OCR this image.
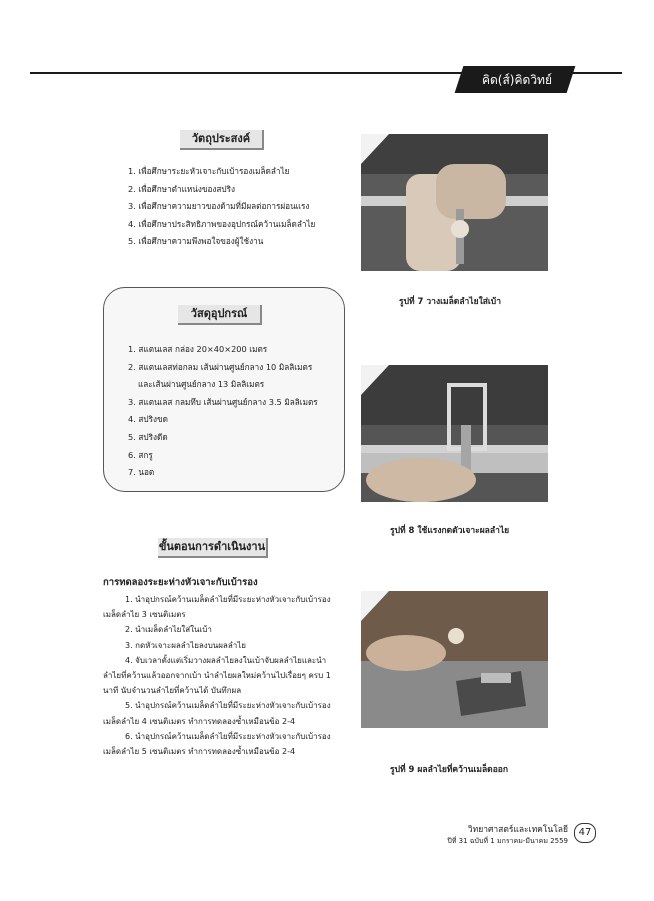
คิด(ส์)คิดวิทย์
วัตถุประสงค์
1. เพื่อศึกษาระยะหัวเจาะกับเบ้ารองเมล็ดลำไย
2. เพื่อศึกษาตำแหน่งของสปริง
3. เพื่อศึกษาความยาวของด้ามที่มีผลต่อการผ่อนแรง
4. เพื่อศึกษาประสิทธิภาพของอุปกรณ์คว้านเมล็ดลำไย
5. เพื่อศึกษาความพึงพอใจของผู้ใช้งาน
วัสดุอุปกรณ์
1. สแตนเลส กล่อง 20×40×200 เมตร
2. สแตนเลสท่อกลม เส้นผ่านศูนย์กลาง 10 มิลลิเมตร
และเส้นผ่านศูนย์กลาง 13 มิลลิเมตร
3. สแตนเลส กลมทึบ เส้นผ่านศูนย์กลาง 3.5 มิลลิเมตร
4. สปริงขด
5. สปริงดีด
6. สกรู
7. นอต
ขั้นตอนการดำเนินงาน
การทดลองระยะห่างหัวเจาะกับเบ้ารอง

1. นำอุปกรณ์คว้านเมล็ดลำไยที่มีระยะห่างหัวเจาะกับเบ้ารองเมล็ดลำไย 3 เซนติเมตร

2. นำเมล็ดลำไยใส่ในเบ้า

3. กดหัวเจาะผลลำไยลงบนผลลำไย

4. จับเวลาตั้งแต่เริ่มวางผลลำไยลงในเบ้าจับผลลำไยและนำลำไยที่คว้านแล้วออกจากเบ้า นำลำไยผลใหม่คว้านไปเรื่อยๆ ครบ 1 นาที นับจำนวนลำไยที่คว้านได้ บันทึกผล

5. นำอุปกรณ์คว้านเมล็ดลำไยที่มีระยะห่างหัวเจาะกับเบ้ารองเมล็ดลำไย 4 เซนติเมตร ทำการทดลองซ้ำเหมือนข้อ 2-4

6. นำอุปกรณ์คว้านเมล็ดลำไยที่มีระยะห่างหัวเจาะกับเบ้ารองเมล็ดลำไย 5 เซนติเมตร ทำการทดลองซ้ำเหมือนข้อ 2-4

รูปที่ 7 วางเมล็ดลำไยใส่เบ้า
รูปที่ 8 ใช้แรงกดตัวเจาะผลลำไย
รูปที่ 9 ผลลำไยที่คว้านเมล็ดออก
วิทยาศาสตร์และเทคโนโลยี
ปีที่ 31 ฉบับที่ 1 มกราคม-มีนาคม 2559
47
